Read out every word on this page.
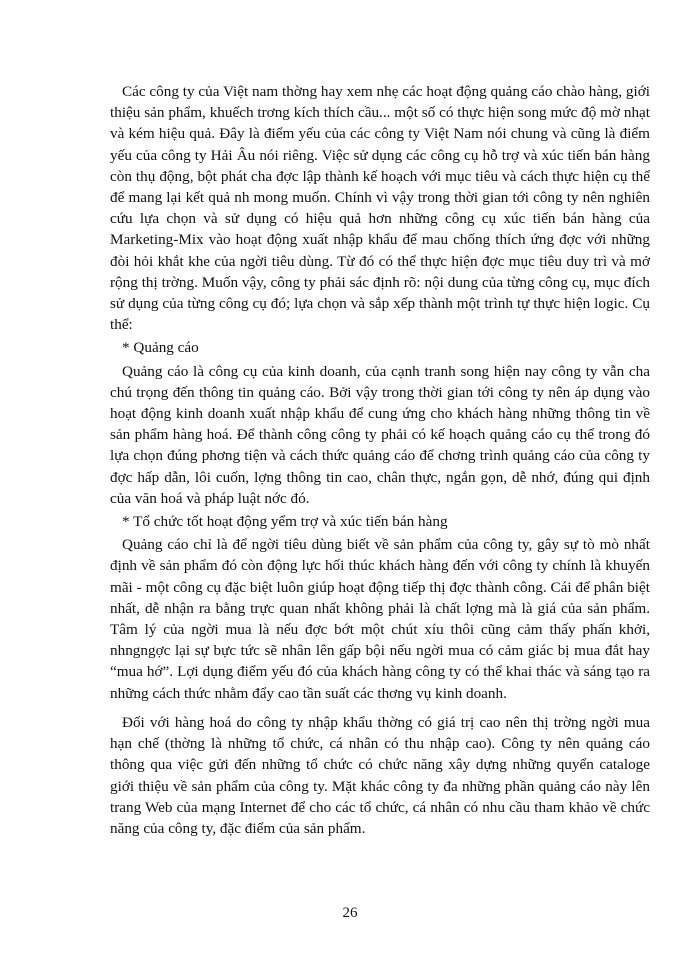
Các công ty của Việt nam thờng hay xem nhẹ các hoạt động quảng cáo chào hàng, giới thiệu sản phẩm, khuếch trơng kích thích cầu... một số có thực hiện song mức độ mờ nhạt và kém hiệu quả. Đây là điểm yếu của các công ty Việt Nam nói chung và cũng là điểm yếu của công ty Hải Âu nói riêng. Việc sử dụng các công cụ hỗ trợ và xúc tiến bán hàng còn thụ động, bột phát cha đợc lập thành kế hoạch với mục tiêu và cách thực hiện cụ thể để mang lại kết quả nh mong muốn. Chính vì vậy trong thời gian tới công ty nên nghiên cứu lựa chọn và sử dụng có hiệu quả hơn những công cụ xúc tiến bán hàng của Marketing-Mix vào hoạt động xuất nhập khẩu để mau chống thích ứng đợc với những đòi hỏi khắt khe của ngời tiêu dùng. Từ đó có thể thực hiện đợc mục tiêu duy trì và mở rộng thị trờng. Muốn vậy, công ty phải sác định rõ: nội dung của từng công cụ, mục đích sử dụng của từng công cụ đó; lựa chọn và sắp xếp thành một trình tự thực hiện logic. Cụ thể:

* Quảng cáo

Quảng cáo là công cụ của kinh doanh, của cạnh tranh song hiện nay công ty vẫn cha chú trọng đến thông tin quảng cáo. Bởi vậy trong thời gian tới công ty nên áp dụng vào hoạt động kinh doanh xuất nhập khẩu để cung ứng cho khách hàng những thông tin về sản phẩm hàng hoá. Để thành công công ty phải có kế hoạch quảng cáo cụ thể trong đó lựa chọn đúng phơng tiện và cách thức quảng cáo để chơng trình quảng cáo của công ty đợc hấp dẫn, lôi cuốn, lợng thông tin cao, chân thực, ngắn gọn, dễ nhớ, đúng qui định của văn hoá và pháp luật nớc đó.

* Tổ chức tốt hoạt động yểm trợ và xúc tiến bán hàng

Quảng cáo chỉ là để ngời tiêu dùng biết về sản phẩm của công ty, gây sự tò mò nhất định về sản phẩm đó còn động lực hối thúc khách hàng đến với công ty chính là khuyến mãi - một công cụ đặc biệt luôn giúp hoạt động tiếp thị đợc thành công. Cái để phân biệt nhất, dễ nhận ra bằng trực quan nhất không phải là chất lợng mà là giá của sản phẩm. Tâm lý của ngời mua là nếu đợc bớt một chút xíu thôi cũng cảm thấy phấn khởi, nhngngợc lại sự bực tức sẽ nhân lên gấp bội nếu ngời mua có cảm giác bị mua đắt hay “mua hớ”. Lợi dụng điểm yếu đó của khách hàng công ty có thể khai thác và sáng tạo ra những cách thức nhằm đẩy cao tần suất các thơng vụ kinh doanh.

Đối với hàng hoá do công ty nhập khẩu thờng có giá trị cao nên thị trờng ngời mua hạn chế (thờng là những tổ chức, cá nhân có thu nhập cao). Công ty nên quảng cáo thông qua việc gửi đến những tổ chức có chức năng xây dựng những quyển cataloge giới thiệu về sản phẩm của công ty. Mặt khác công ty đa những phần quảng cáo này lên trang Web của mạng Internet để cho các tổ chức, cá nhân có nhu cầu tham khảo về chức năng của công ty, đặc điểm của sản phẩm.

26
